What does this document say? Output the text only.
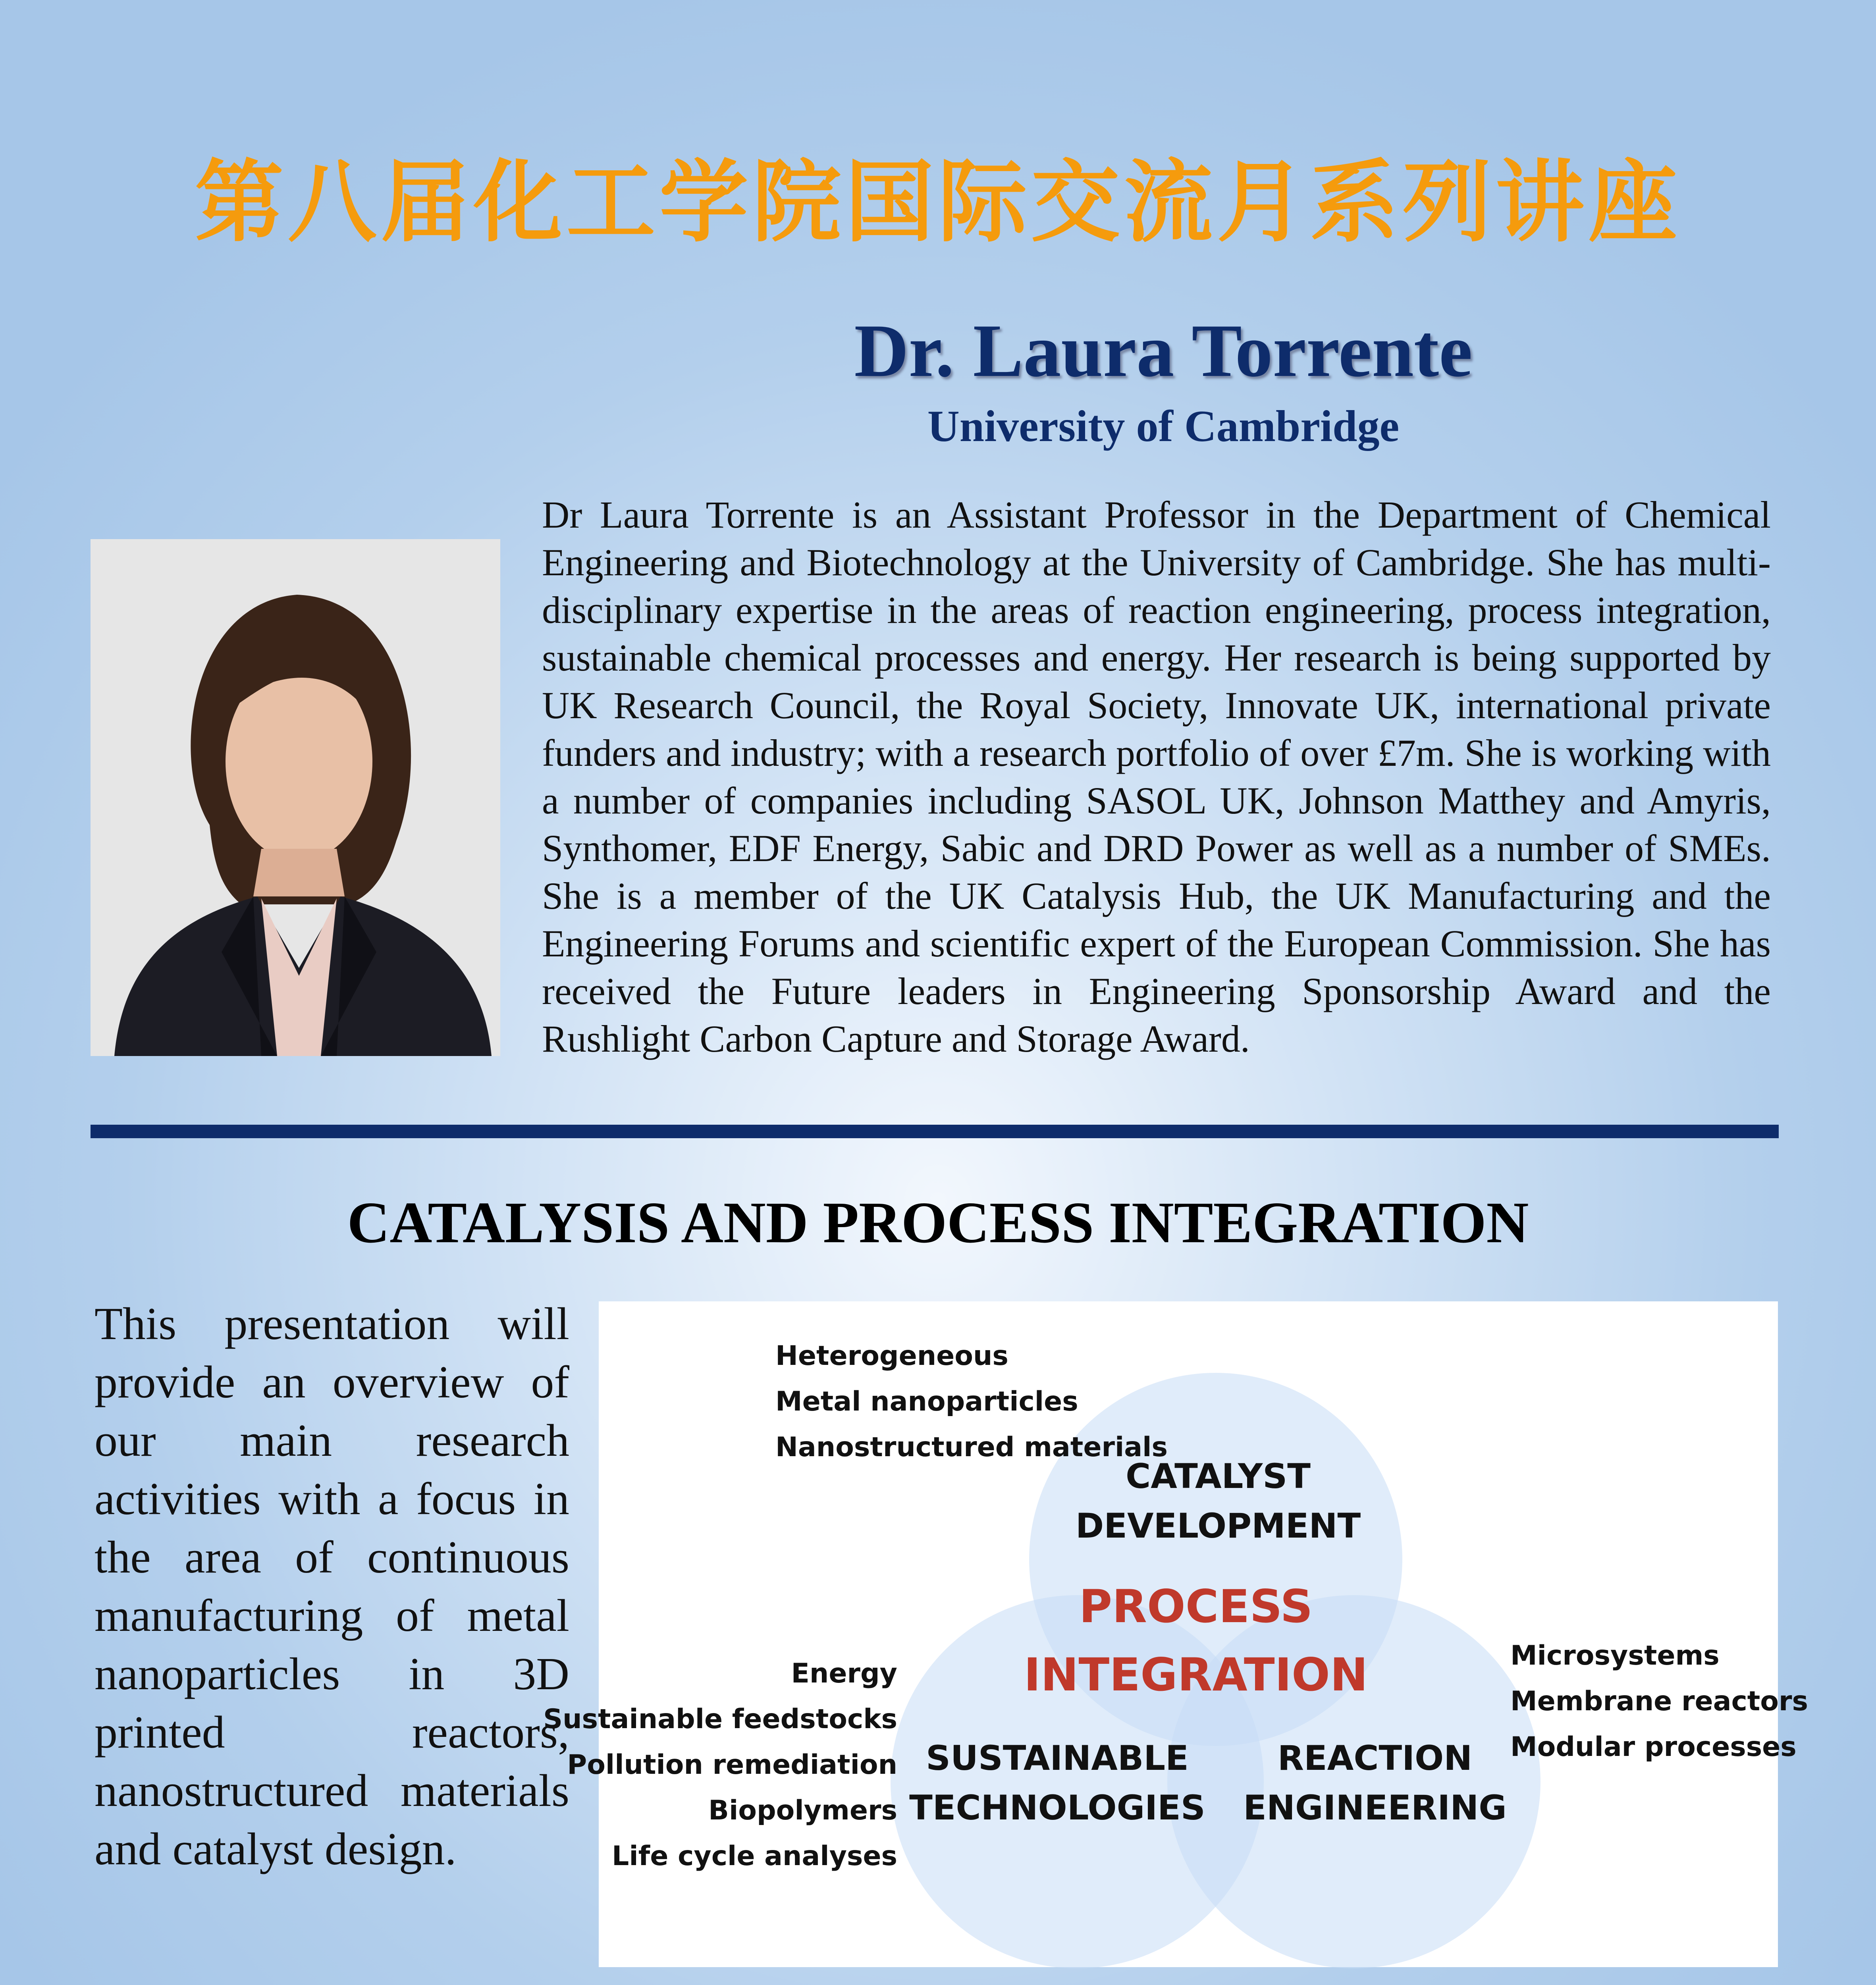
第八届化工学院国际交流月系列讲座
Dr. Laura Torrente
University of Cambridge
Dr Laura Torrente is an Assistant Professor in the Department of Chemical Engineering and Biotechnology at the University of Cambridge. She has multi-disciplinary expertise in the areas of reaction engineering, process integration, sustainable chemical processes and energy. Her research is being supported by UK Research Council, the Royal Society, Innovate UK, international private funders and industry; with a research portfolio of over £7m. She is working with a number of companies including SASOL UK, Johnson Matthey and Amyris, Synthomer, EDF Energy, Sabic and DRD Power as well as a number of SMEs. She is a member of the UK Catalysis Hub, the UK Manufacturing and the Engineering Forums and scientific expert of the European Commission. She has received the Future leaders in Engineering Sponsorship Award and the Rushlight Carbon Capture and Storage Award.
CATALYSIS AND PROCESS INTEGRATION
This presentation will provide an overview of our main research activities with a focus in the area of continuous manufacturing of metal nanoparticles in 3D printed reactors, nanostructured materials and catalyst design.
Heterogeneous
Metal nanoparticles
Nanostructured materials
CATALYST
DEVELOPMENT
PROCESS
INTEGRATION
Energy
Sustainable feedstocks
Pollution remediation
Biopolymers
Life cycle analyses
SUSTAINABLE
TECHNOLOGIES
REACTION
ENGINEERING
Microsystems
Membrane reactors
Modular processes
